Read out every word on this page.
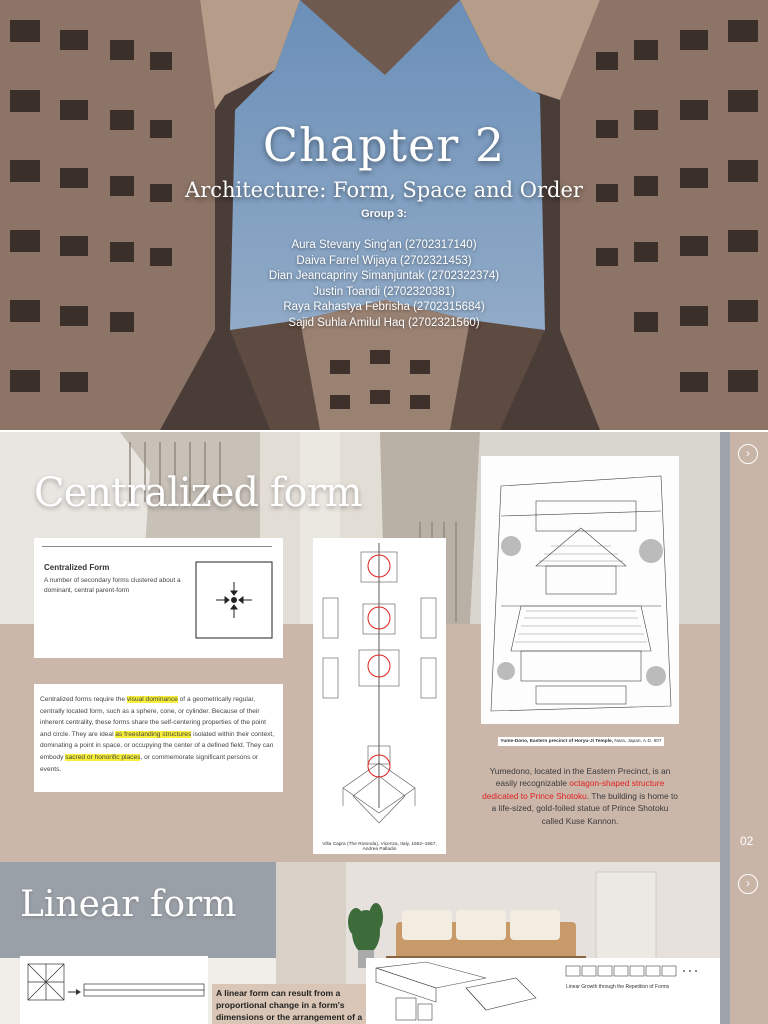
Chapter 2
Architecture: Form, Space and Order
Group 3:
Aura Stevany Sing'an (2702317140)
Daiva Farrel Wijaya (2702321453)
Dian Jeancapriny Simanjuntak (2702322374)
Justin Toandi (2702320381)
Raya Rahastya Febrisha (2702315684)
Sajid Suhla Amilul Haq (2702321560)
›
02
Centralized form
Centralized Form
A number of secondary forms clustered about a dominant, central parent-form
Centralized forms require the visual dominance of a geometrically regular, centrally located form, such as a sphere, cone, or cylinder. Because of their inherent centrality, these forms share the self-centering properties of the point and circle. They are ideal as freestanding structures isolated within their context, dominating a point in space, or occupying the center of a defined field. They can embody sacred or honorific places, or commemorate significant persons or events.
Villa Capra (The Rotonda), Vicenza, Italy, 1552–1567, Andrea Palladio
Yume-Dono, Eastern precinct of Horyu-Ji Temple, Nara, Japan, A.D. 607
Yumedono, located in the Eastern Precinct, is an easily recognizable octagon-shaped structure dedicated to Prince Shotoku. The building is home to a life-sized, gold-foiled statue of Prince Shotoku called Kuse Kannon.
›
Linear form
A linear form can result from a proportional change in a form's dimensions or the arrangement of a
Linear Growth through the Repetition of Forms
